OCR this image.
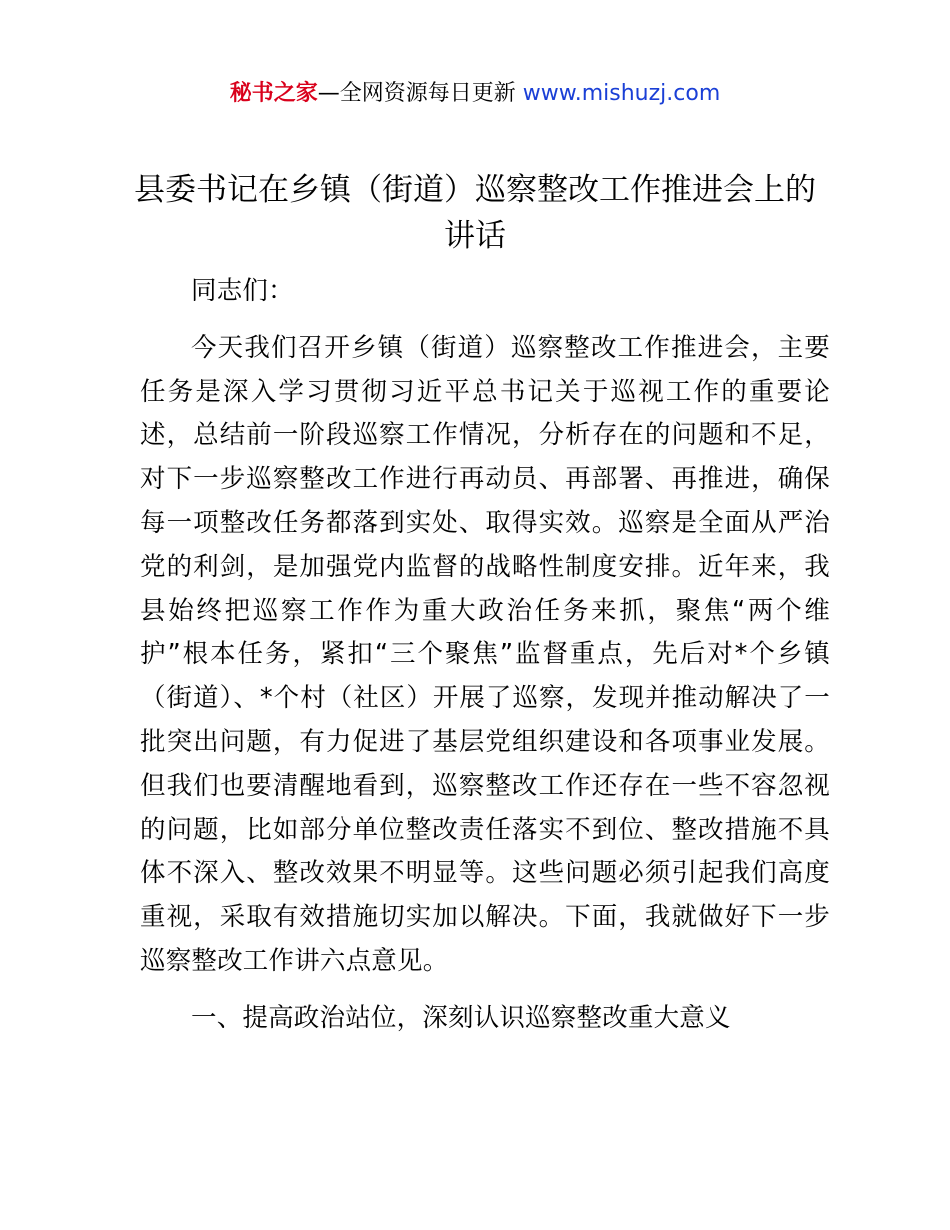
秘书之家—全网资源每日更新 www.mishuzj.com
县委书记在乡镇（街道）巡察整改工作推进会上的讲话

同志们：

今天我们召开乡镇（街道）巡察整改工作推进会，主要任务是深入学习贯彻习近平总书记关于巡视工作的重要论述，总结前一阶段巡察工作情况，分析存在的问题和不足，对下一步巡察整改工作进行再动员、再部署、再推进，确保每一项整改任务都落到实处、取得实效。巡察是全面从严治党的利剑，是加强党内监督的战略性制度安排。近年来，我县始终把巡察工作作为重大政治任务来抓，聚焦“两个维护”根本任务，紧扣“三个聚焦”监督重点，先后对*个乡镇（街道）、*个村（社区）开展了巡察，发现并推动解决了一批突出问题，有力促进了基层党组织建设和各项事业发展。但我们也要清醒地看到，巡察整改工作还存在一些不容忽视的问题，比如部分单位整改责任落实不到位、整改措施不具体不深入、整改效果不明显等。这些问题必须引起我们高度重视，采取有效措施切实加以解决。下面，我就做好下一步巡察整改工作讲六点意见。

一、提高政治站位，深刻认识巡察整改重大意义
